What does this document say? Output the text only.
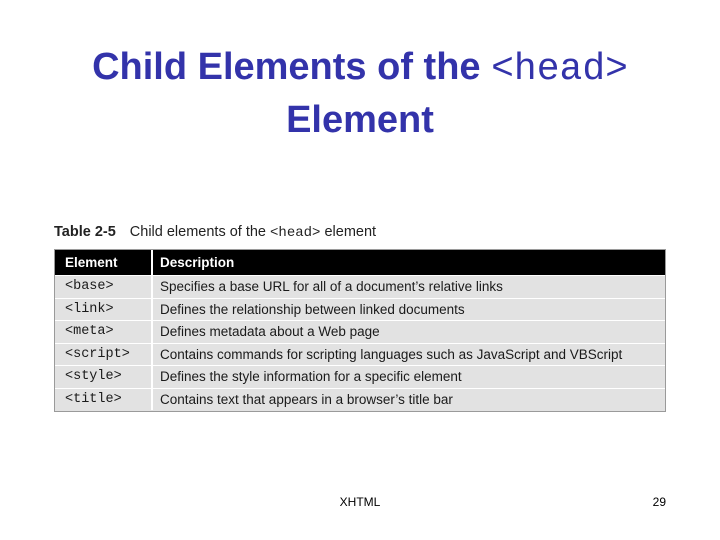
Child Elements of the <head>
Element
Table 2-5 Child elements of the <head> element
Element	Description
<base>	Specifies a base URL for all of a document’s relative links
<link>	Defines the relationship between linked documents
<meta>	Defines metadata about a Web page
<script>	Contains commands for scripting languages such as JavaScript and VBScript
<style>	Defines the style information for a specific element
<title>	Contains text that appears in a browser’s title bar
XHTML	29
